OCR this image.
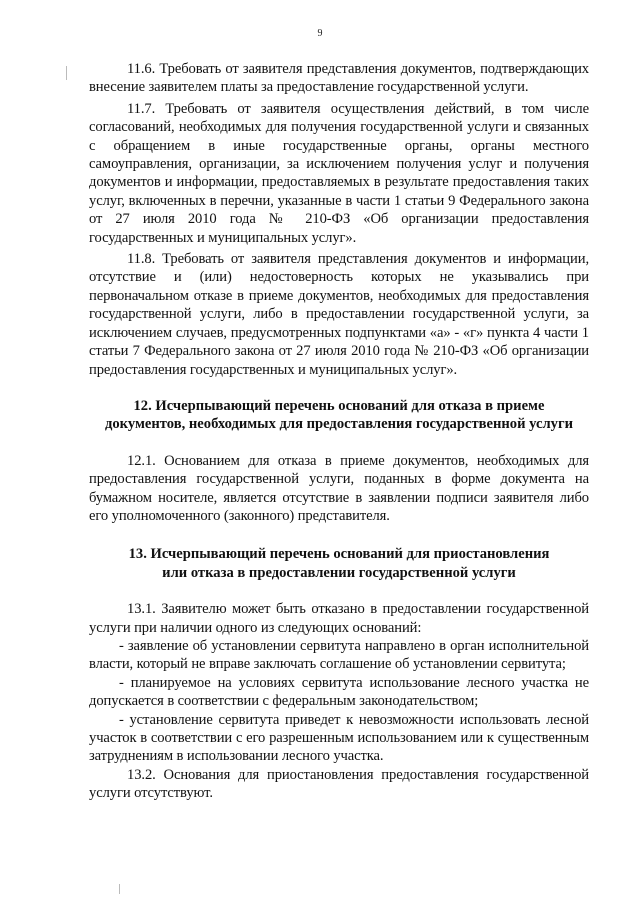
9

11.6. Требовать от заявителя представления документов, подтверждающих внесение заявителем платы за предоставление государственной услуги.

11.7. Требовать от заявителя осуществления действий, в том числе согласований, необходимых для получения государственной услуги и связанных с обращением в иные государственные органы, органы местного самоуправления, организации, за исключением получения услуг и получения документов и информации, предоставляемых в результате предоставления таких услуг, включенных в перечни, указанные в части 1 статьи 9 Федерального закона от 27 июля 2010 года № 210-ФЗ «Об организации предоставления государственных и муниципальных услуг».

11.8. Требовать от заявителя представления документов и информации, отсутствие и (или) недостоверность которых не указывались при первоначальном отказе в приеме документов, необходимых для предоставления государственной услуги, либо в предоставлении государственной услуги, за исключением случаев, предусмотренных подпунктами «а» - «г» пункта 4 части 1 статьи 7 Федерального закона от 27 июля 2010 года № 210-ФЗ «Об организации предоставления государственных и муниципальных услуг».

12. Исчерпывающий перечень оснований для отказа в приеме
документов, необходимых для предоставления государственной услуги

12.1. Основанием для отказа в приеме документов, необходимых для предоставления государственной услуги, поданных в форме документа на бумажном носителе, является отсутствие в заявлении подписи заявителя либо его уполномоченного (законного) представителя.

13. Исчерпывающий перечень оснований для приостановления
или отказа в предоставлении государственной услуги

13.1. Заявителю может быть отказано в предоставлении государственной услуги при наличии одного из следующих оснований:

- заявление об установлении сервитута направлено в орган исполнительной власти, который не вправе заключать соглашение об установлении сервитута;

- планируемое на условиях сервитута использование лесного участка не допускается в соответствии с федеральным законодательством;

- установление сервитута приведет к невозможности использовать лесной участок в соответствии с его разрешенным использованием или к существенным затруднениям в использовании лесного участка.

13.2. Основания для приостановления предоставления государственной услуги отсутствуют.
